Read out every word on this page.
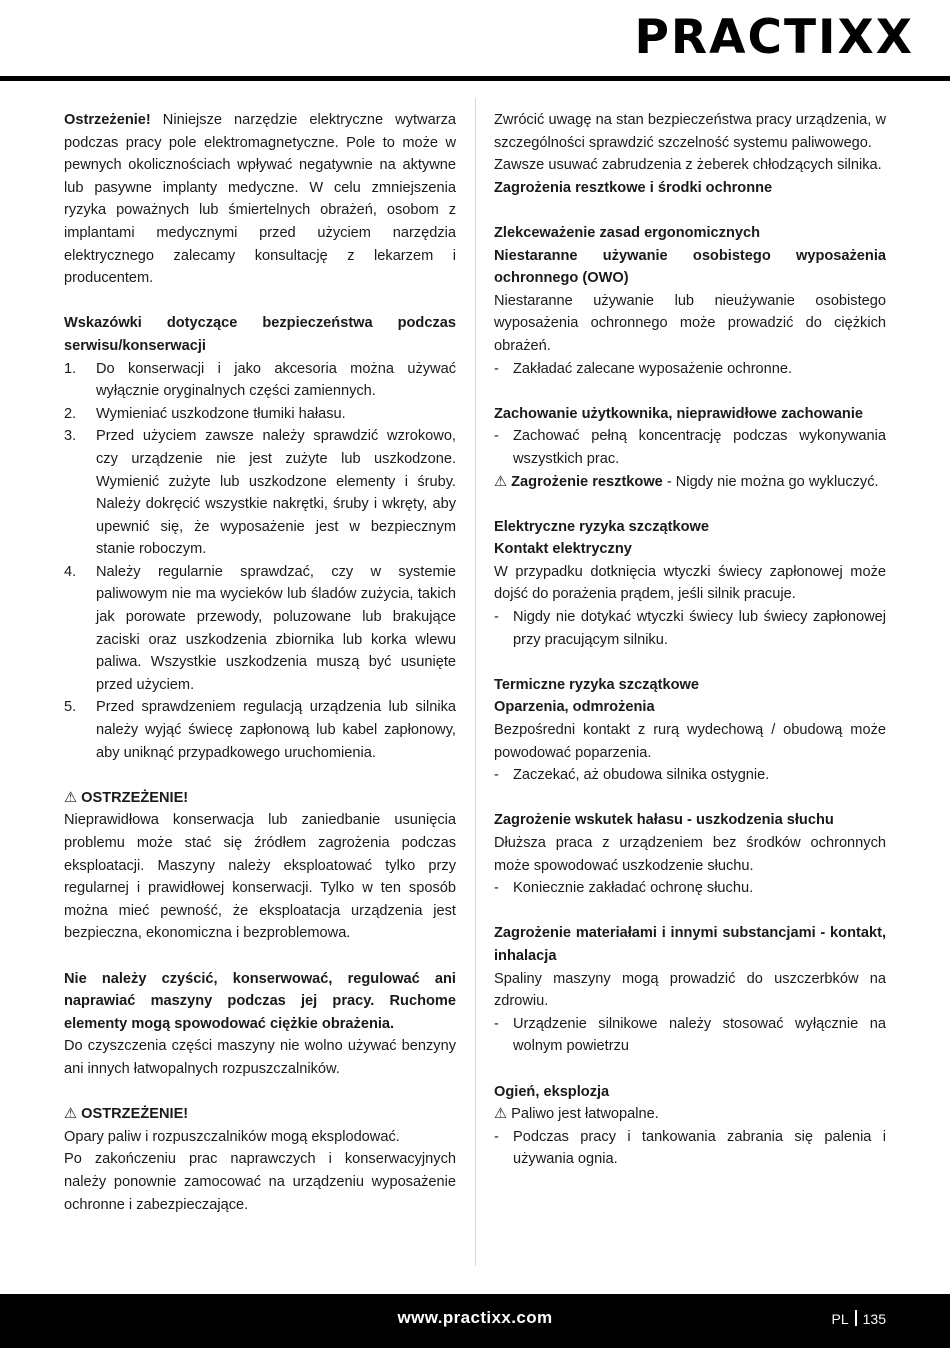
PRACTIXX

Ostrzeżenie! Niniejsze narzędzie elektryczne wytwarza podczas pracy pole elektromagnetyczne. Pole to może w pewnych okolicznościach wpływać negatywnie na aktywne lub pasywne implanty medyczne. W celu zmniejszenia ryzyka poważnych lub śmiertelnych obrażeń, osobom z implantami medycznymi przed użyciem narzędzia elektrycznego zalecamy konsultację z lekarzem i producentem.

Wskazówki dotyczące bezpieczeństwa podczas serwisu/konserwacji

1.	Do konserwacji i jako akcesoria można używać wyłącznie oryginalnych części zamiennych.
2.	Wymieniać uszkodzone tłumiki hałasu.
3.	Przed użyciem zawsze należy sprawdzić wzrokowo, czy urządzenie nie jest zużyte lub uszkodzone. Wymienić zużyte lub uszkodzone elementy i śruby. Należy dokręcić wszystkie nakrętki, śruby i wkręty, aby upewnić się, że wyposażenie jest w bezpiecznym stanie roboczym.
4.	Należy regularnie sprawdzać, czy w systemie paliwowym nie ma wycieków lub śladów zużycia, takich jak porowate przewody, poluzowane lub brakujące zaciski oraz uszkodzenia zbiornika lub korka wlewu paliwa. Wszystkie uszkodzenia muszą być usunięte przed użyciem.
5.	Przed sprawdzeniem regulacją urządzenia lub silnika należy wyjąć świecę zapłonową lub kabel zapłonowy, aby uniknąć przypadkowego uruchomienia.

⚠ OSTRZEŻENIE!

Nieprawidłowa konserwacja lub zaniedbanie usunięcia problemu może stać się źródłem zagrożenia podczas eksploatacji. Maszyny należy eksploatować tylko przy regularnej i prawidłowej konserwacji. Tylko w ten sposób można mieć pewność, że eksploatacja urządzenia jest bezpieczna, ekonomiczna i bezproblemowa.

Nie należy czyścić, konserwować, regulować ani naprawiać maszyny podczas jej pracy. Ruchome elementy mogą spowodować ciężkie obrażenia.

Do czyszczenia części maszyny nie wolno używać benzyny ani innych łatwopalnych rozpuszczalników.

⚠ OSTRZEŻENIE!

Opary paliw i rozpuszczalników mogą eksplodować.

Po zakończeniu prac naprawczych i konserwacyjnych należy ponownie zamocować na urządzeniu wyposażenie ochronne i zabezpieczające.

Zwrócić uwagę na stan bezpieczeństwa pracy urządzenia, w szczególności sprawdzić szczelność systemu paliwowego.

Zawsze usuwać zabrudzenia z żeberek chłodzących silnika.

Zagrożenia resztkowe i środki ochronne

Zlekceważenie zasad ergonomicznych

Niestaranne używanie osobistego wyposażenia ochronnego (OWO)

Niestaranne używanie lub nieużywanie osobistego wyposażenia ochronnego może prowadzić do ciężkich obrażeń.

- Zakładać zalecane wyposażenie ochronne.

Zachowanie użytkownika, nieprawidłowe zachowanie

- Zachować pełną koncentrację podczas wykonywania wszystkich prac.

⚠ Zagrożenie resztkowe - Nigdy nie można go wykluczyć.

Elektryczne ryzyka szczątkowe

Kontakt elektryczny

W przypadku dotknięcia wtyczki świecy zapłonowej może dojść do porażenia prądem, jeśli silnik pracuje.

- Nigdy nie dotykać wtyczki świecy lub świecy zapłonowej przy pracującym silniku.

Termiczne ryzyka szczątkowe

Oparzenia, odmrożenia

Bezpośredni kontakt z rurą wydechową / obudową może powodować poparzenia.

- Zaczekać, aż obudowa silnika ostygnie.

Zagrożenie wskutek hałasu - uszkodzenia słuchu

Dłuższa praca z urządzeniem bez środków ochronnych może spowodować uszkodzenie słuchu.

- Koniecznie zakładać ochronę słuchu.

Zagrożenie materiałami i innymi substancjami - kontakt, inhalacja

Spaliny maszyny mogą prowadzić do uszczerbków na zdrowiu.

- Urządzenie silnikowe należy stosować wyłącznie na wolnym powietrzu

Ogień, eksplozja

⚠ Paliwo jest łatwopalne.

- Podczas pracy i tankowania zabrania się palenia i używania ognia.
www.practixx.com	PL 135
